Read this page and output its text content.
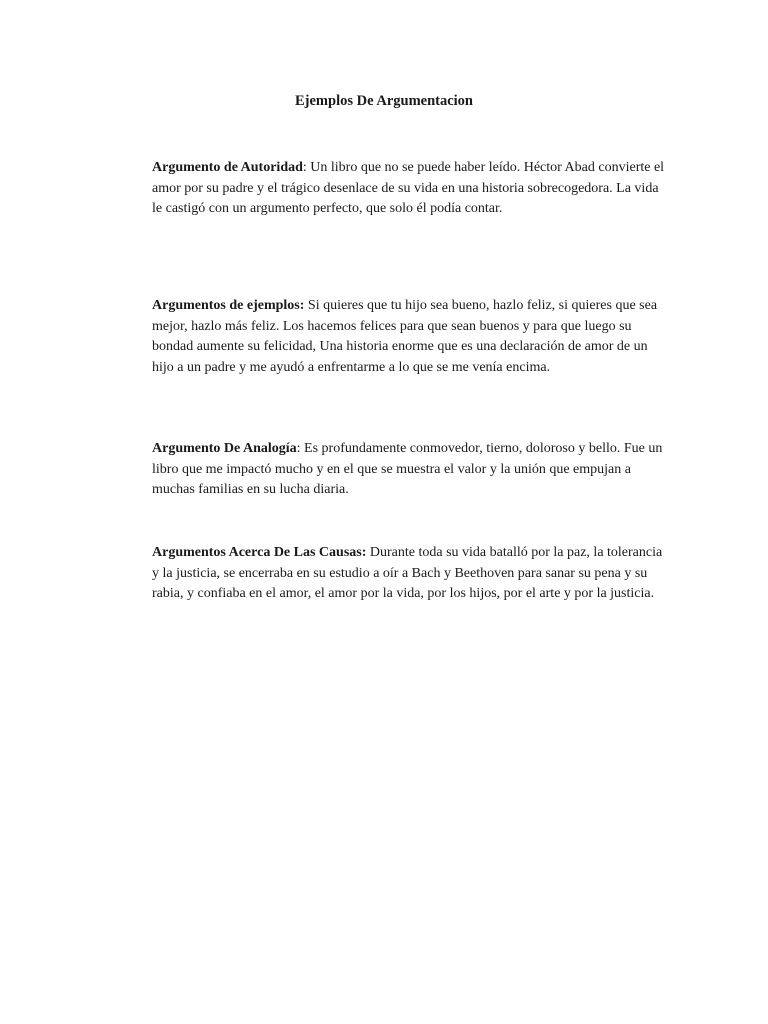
Ejemplos De Argumentacion

Argumento de Autoridad: Un libro que no se puede haber leído. Héctor Abad convierte el amor por su padre y el trágico desenlace de su vida en una historia sobrecogedora. La vida le castigó con un argumento perfecto, que solo él podía contar.

Argumentos de ejemplos: Si quieres que tu hijo sea bueno, hazlo feliz, si quieres que sea mejor, hazlo más feliz. Los hacemos felices para que sean buenos y para que luego su bondad aumente su felicidad, Una historia enorme que es una declaración de amor de un hijo a un padre y me ayudó a enfrentarme a lo que se me venía encima.

Argumento De Analogía: Es profundamente conmovedor, tierno, doloroso y bello. Fue un libro que me impactó mucho y en el que se muestra el valor y la unión que empujan a muchas familias en su lucha diaria.

Argumentos Acerca De Las Causas: Durante toda su vida batalló por la paz, la tolerancia y la justicia, se encerraba en su estudio a oír a Bach y Beethoven para sanar su pena y su rabia, y confiaba en el amor, el amor por la vida, por los hijos, por el arte y por la justicia.
